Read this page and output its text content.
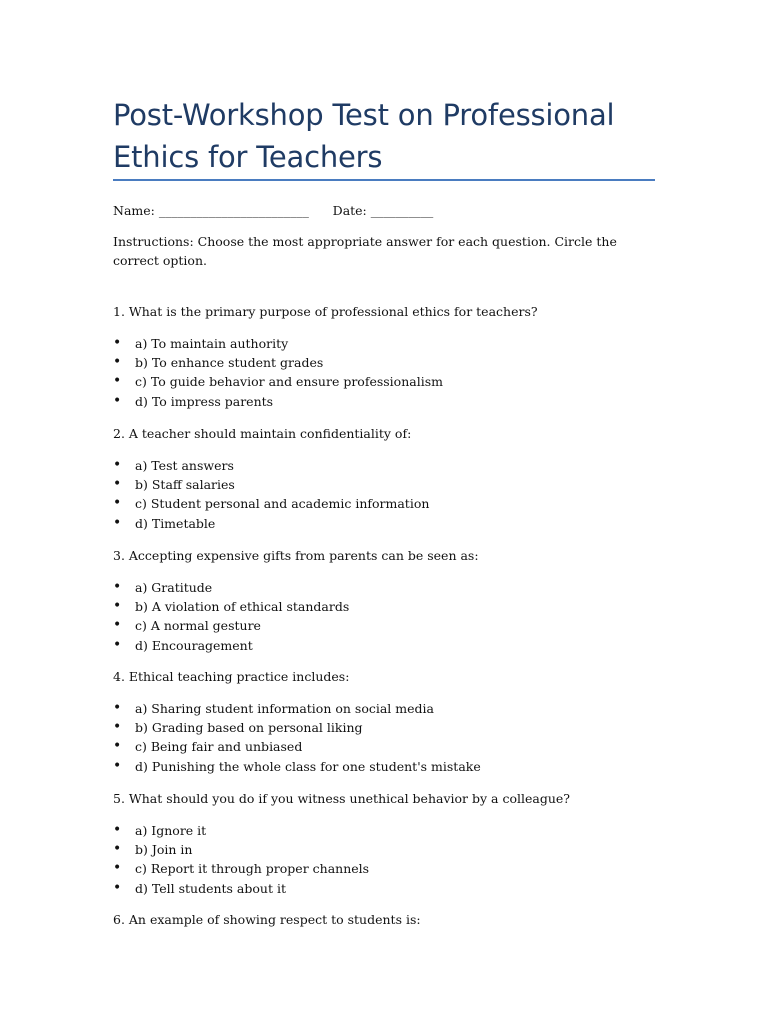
Post-Workshop Test on Professional Ethics for Teachers
Name: ________________________      Date: __________
Instructions: Choose the most appropriate answer for each question. Circle the correct option.
1. What is the primary purpose of professional ethics for teachers?
• a) To maintain authority
• b) To enhance student grades
• c) To guide behavior and ensure professionalism
• d) To impress parents
2. A teacher should maintain confidentiality of:
• a) Test answers
• b) Staff salaries
• c) Student personal and academic information
• d) Timetable
3. Accepting expensive gifts from parents can be seen as:
• a) Gratitude
• b) A violation of ethical standards
• c) A normal gesture
• d) Encouragement
4. Ethical teaching practice includes:
• a) Sharing student information on social media
• b) Grading based on personal liking
• c) Being fair and unbiased
• d) Punishing the whole class for one student's mistake
5. What should you do if you witness unethical behavior by a colleague?
• a) Ignore it
• b) Join in
• c) Report it through proper channels
• d) Tell students about it
6. An example of showing respect to students is:
